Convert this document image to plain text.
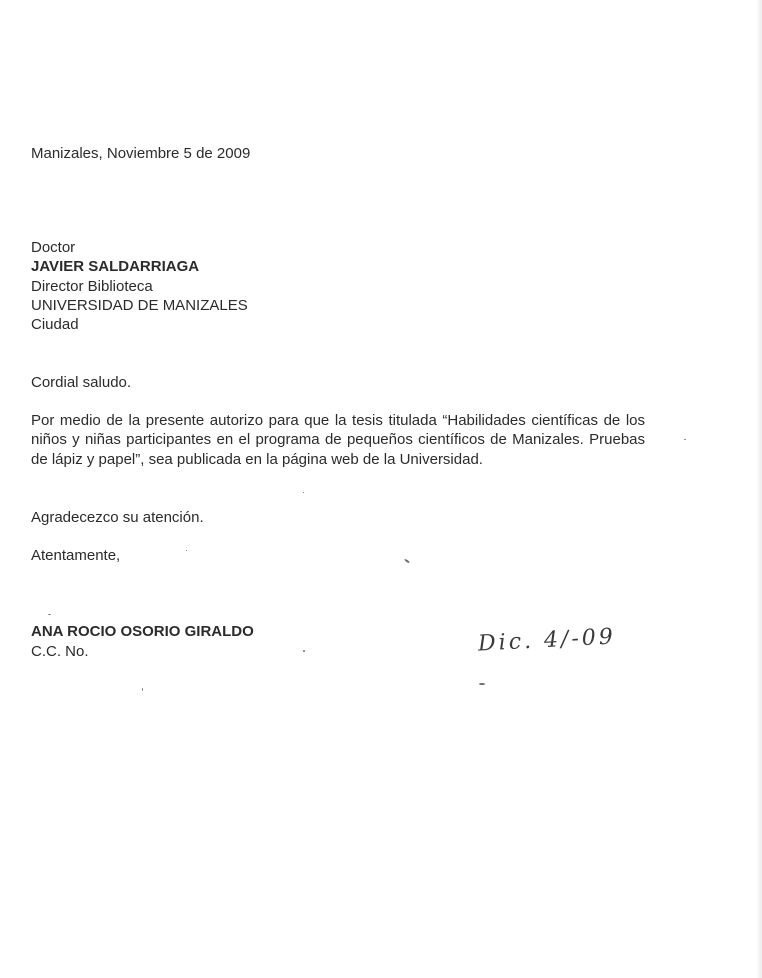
Manizales, Noviembre 5 de 2009

Doctor

JAVIER SALDARRIAGA

Director Biblioteca

UNIVERSIDAD DE MANIZALES

Ciudad

Cordial saludo.

Por medio de la presente autorizo para que la tesis titulada “Habilidades científicas de los niños y niñas participantes en el programa de pequeños científicos de Manizales. Pruebas de lápiz y papel”, sea publicada en la página web de la Universidad.

Agradecezco su atención.

Atentamente,

ANA ROCIO OSORIO GIRALDO

C.C. No.	Dic. 4/-09
